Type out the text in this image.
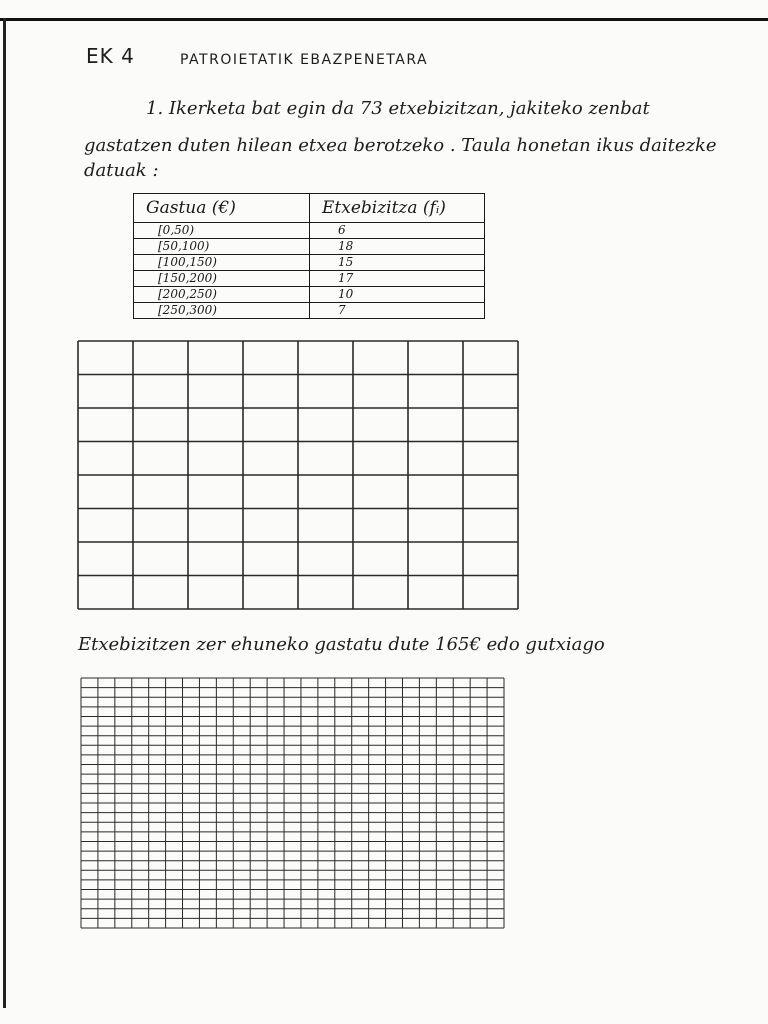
EK 4	PATROIETATIK EBAZPENETARA
1. Ikerketa bat egin da 73 etxebizitzan, jakiteko zenbat
gastatzen duten hilean etxea berotzeko . Taula honetan ikus daitezke
datuak :
Gastua (€)	Etxebizitza (fᵢ)
[0,50)	6
[50,100)	18
[100,150)	15
[150,200)	17
[200,250)	10
[250,300)	7
Etxebizitzen zer ehuneko gastatu dute 165€ edo gutxiago
